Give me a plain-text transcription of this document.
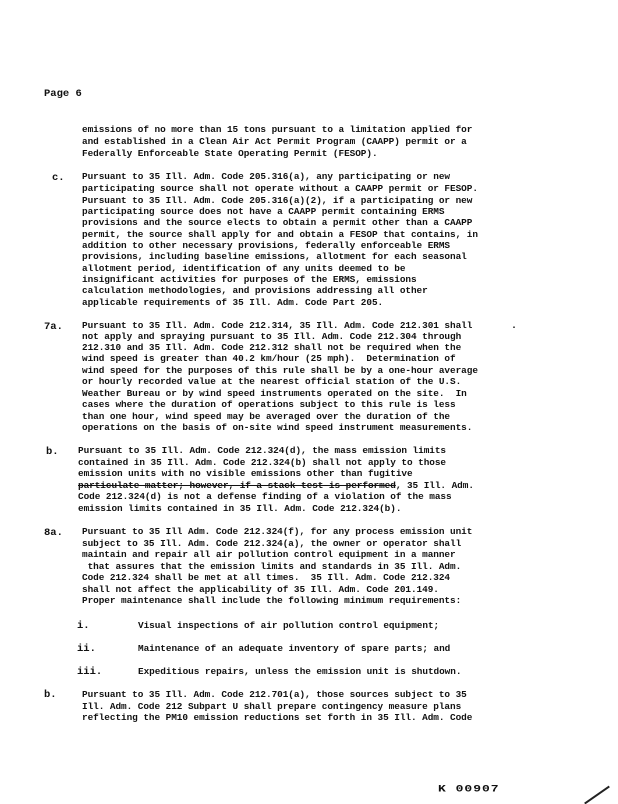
Page 6
emissions of no more than 15 tons pursuant to a limitation applied for
and established in a Clean Air Act Permit Program (CAAPP) permit or a
Federally Enforceable State Operating Permit (FESOP).
c. Pursuant to 35 Ill. Adm. Code 205.316(a), any participating or new
participating source shall not operate without a CAAPP permit or FESOP.
Pursuant to 35 Ill. Adm. Code 205.316(a)(2), if a participating or new
participating source does not have a CAAPP permit containing ERMS
provisions and the source elects to obtain a permit other than a CAAPP
permit, the source shall apply for and obtain a FESOP that contains, in
addition to other necessary provisions, federally enforceable ERMS
provisions, including baseline emissions, allotment for each seasonal
allotment period, identification of any units deemed to be
insignificant activities for purposes of the ERMS, emissions
calculation methodologies, and provisions addressing all other
applicable requirements of 35 Ill. Adm. Code Part 205.
7a. Pursuant to 35 Ill. Adm. Code 212.314, 35 Ill. Adm. Code 212.301 shall
not apply and spraying pursuant to 35 Ill. Adm. Code 212.304 through
212.310 and 35 Ill. Adm. Code 212.312 shall not be required when the
wind speed is greater than 40.2 km/hour (25 mph).  Determination of
wind speed for the purposes of this rule shall be by a one-hour average
or hourly recorded value at the nearest official station of the U.S.
Weather Bureau or by wind speed instruments operated on the site.  In
cases where the duration of operations subject to this rule is less
than one hour, wind speed may be averaged over the duration of the
operations on the basis of on-site wind speed instrument measurements.
.
b. Pursuant to 35 Ill. Adm. Code 212.324(d), the mass emission limits
contained in 35 Ill. Adm. Code 212.324(b) shall not apply to those
emission units with no visible emissions other than fugitive
particulate matter; however, if a stack test is performed, 35 Ill. Adm.
Code 212.324(d) is not a defense finding of a violation of the mass
emission limits contained in 35 Ill. Adm. Code 212.324(b).
8a. Pursuant to 35 Ill Adm. Code 212.324(f), for any process emission unit
subject to 35 Ill. Adm. Code 212.324(a), the owner or operator shall
maintain and repair all air pollution control equipment in a manner
that assures that the emission limits and standards in 35 Ill. Adm.
Code 212.324 shall be met at all times.  35 Ill. Adm. Code 212.324
shall not affect the applicability of 35 Ill. Adm. Code 201.149.
Proper maintenance shall include the following minimum requirements:
i.	Visual inspections of air pollution control equipment;
ii.	Maintenance of an adequate inventory of spare parts; and
iii.	Expeditious repairs, unless the emission unit is shutdown.
b.	Pursuant to 35 Ill. Adm. Code 212.701(a), those sources subject to 35
Ill. Adm. Code 212 Subpart U shall prepare contingency measure plans
reflecting the PM10 emission reductions set forth in 35 Ill. Adm. Code
K 00907
